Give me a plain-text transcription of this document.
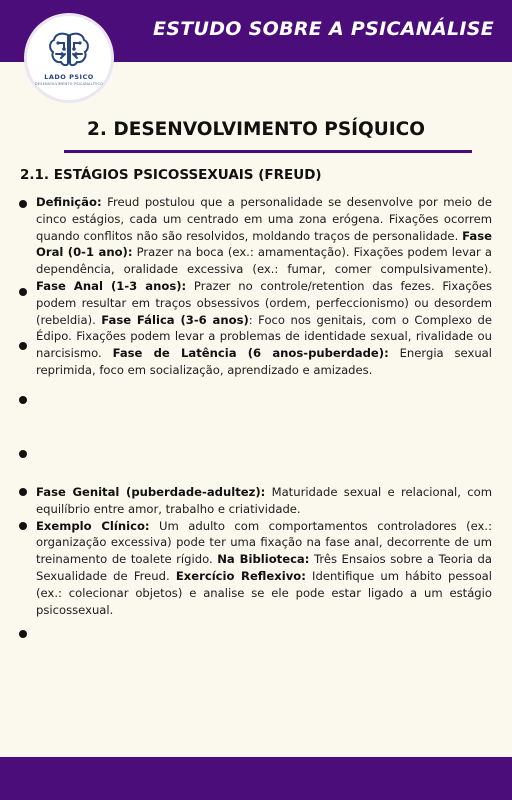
ESTUDO SOBRE A PSICANÁLISE
LADO PSICO
DESENVOLVIMENTO PSICANALÍTICO
2. DESENVOLVIMENTO PSÍQUICO
2.1. ESTÁGIOS PSICOSSEXUAIS (FREUD)
Definição: Freud postulou que a personalidade se desenvolve por meio de cinco estágios, cada um centrado em uma zona erógena. Fixações ocorrem quando conflitos não são resolvidos, moldando traços de personalidade. Fase Oral (0-1 ano): Prazer na boca (ex.: amamentação). Fixações podem levar a dependência, oralidade excessiva (ex.: fumar, comer compulsivamente). Fase Anal (1-3 anos): Prazer no controle/retention das fezes. Fixações podem resultar em traços obsessivos (ordem, perfeccionismo) ou desordem (rebeldia). Fase Fálica (3-6 anos): Foco nos genitais, com o Complexo de Édipo. Fixações podem levar a problemas de identidade sexual, rivalidade ou narcisismo. Fase de Latência (6 anos-puberdade): Energia sexual reprimida, foco em socialização, aprendizado e amizades.
Fase Genital (puberdade-adultez): Maturidade sexual e relacional, com equilíbrio entre amor, trabalho e criatividade.
Exemplo Clínico: Um adulto com comportamentos controladores (ex.: organização excessiva) pode ter uma fixação na fase anal, decorrente de um treinamento de toalete rígido. Na Biblioteca: Três Ensaios sobre a Teoria da Sexualidade de Freud. Exercício Reflexivo: Identifique um hábito pessoal (ex.: colecionar objetos) e analise se ele pode estar ligado a um estágio psicossexual.
